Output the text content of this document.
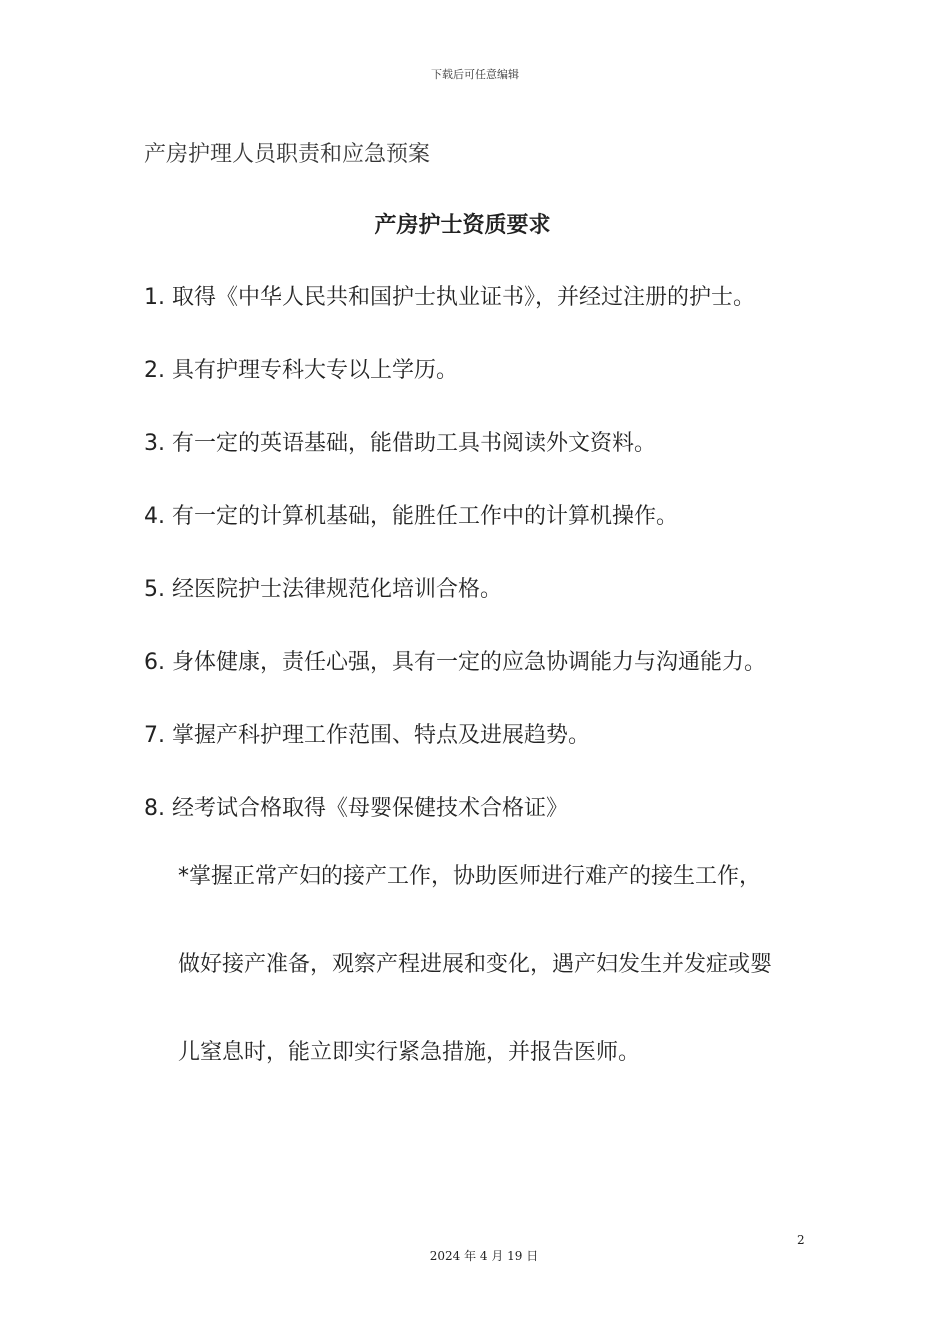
下载后可任意编辑
产房护理人员职责和应急预案
产房护士资质要求
1. 取得《中华人民共和国护士执业证书》，并经过注册的护士。
2. 具有护理专科大专以上学历。
3. 有一定的英语基础，能借助工具书阅读外文资料。
4. 有一定的计算机基础，能胜任工作中的计算机操作。
5. 经医院护士法律规范化培训合格。
6. 身体健康，责任心强，具有一定的应急协调能力与沟通能力。
7. 掌握产科护理工作范围、特点及进展趋势。
8. 经考试合格取得《母婴保健技术合格证》
*掌握正常产妇的接产工作，协助医师进行难产的接生工作，
做好接产准备，观察产程进展和变化，遇产妇发生并发症或婴
儿窒息时，能立即实行紧急措施，并报告医师。
2
2024 年 4 月 19 日
